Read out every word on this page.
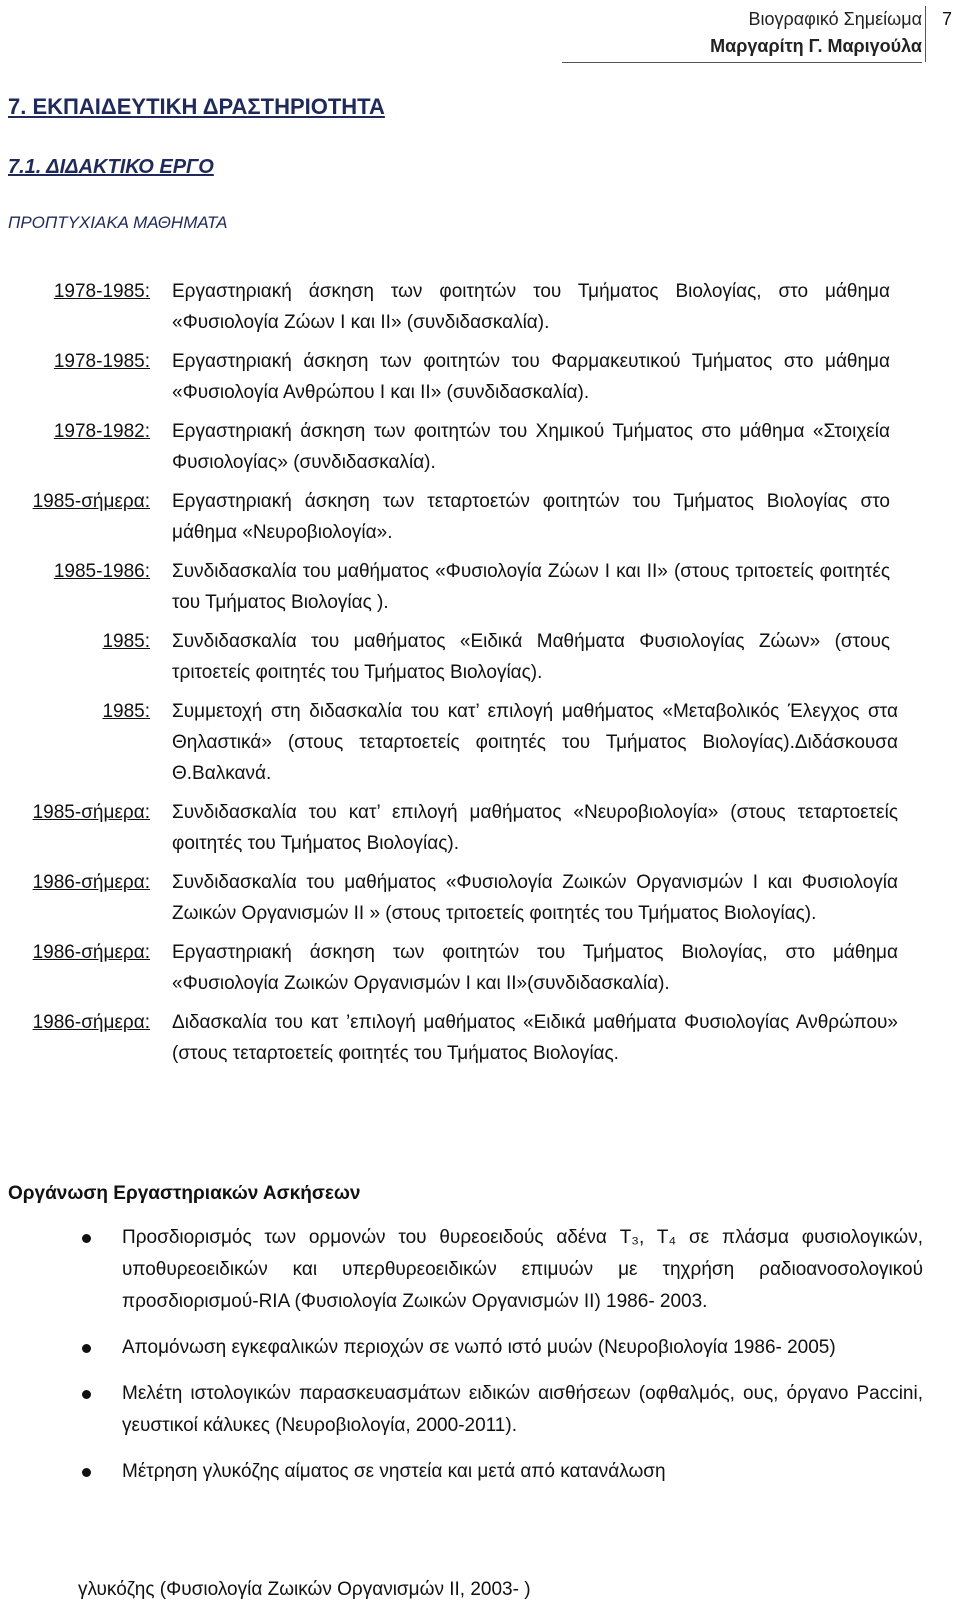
Βιογραφικό Σημείωμα
Μαργαρίτη Γ. Μαριγούλα
7
7. ΕΚΠΑΙΔΕΥΤΙΚΗ ΔΡΑΣΤΗΡΙΟΤΗΤΑ
7.1. ΔΙΔΑΚΤΙΚΟ ΕΡΓΟ
ΠΡΟΠΤΥΧΙΑΚΑ ΜΑΘΗΜΑΤΑ
1978-1985:	Εργαστηριακή άσκηση των φοιτητών του Τμήματος Βιολογίας, στο μάθημα «Φυσιολογία Ζώων Ι και ΙΙ» (συνδιδασκαλία).
1978-1985:	Εργαστηριακή άσκηση των φοιτητών του Φαρμακευτικού Τμήματος στο μάθημα «Φυσιολογία Ανθρώπου Ι και ΙΙ» (συνδιδασκαλία).
1978-1982:	Εργαστηριακή άσκηση των φοιτητών του Χημικού Τμήματος στο μάθημα «Στοιχεία Φυσιολογίας» (συνδιδασκαλία).
1985-σήμερα:	Εργαστηριακή άσκηση των τεταρτοετών φοιτητών του Τμήματος Βιολογίας στο μάθημα «Νευροβιολογία».
1985-1986:	Συνδιδασκαλία του μαθήματος «Φυσιολογία Ζώων Ι και ΙΙ» (στους τριτοετείς φοιτητές του Τμήματος Βιολογίας ).
1985:	Συνδιδασκαλία του μαθήματος «Ειδικά Μαθήματα Φυσιολογίας Ζώων» (στους τριτοετείς φοιτητές του Τμήματος Βιολογίας).
1985:	Συμμετοχή στη διδασκαλία του κατ’ επιλογή μαθήματος «Μεταβολικός Έλεγχος στα Θηλαστικά» (στους τεταρτοετείς φοιτητές του Τμήματος Βιολογίας).Διδάσκουσα Θ.Βαλκανά.
1985-σήμερα:	Συνδιδασκαλία του κατ’ επιλογή μαθήματος «Νευροβιολογία» (στους τεταρτοετείς φοιτητές του Τμήματος Βιολογίας).
1986-σήμερα:	Συνδιδασκαλία του μαθήματος «Φυσιολογία Ζωικών Οργανισμών Ι και Φυσιολογία Ζωικών Οργανισμών ΙΙ » (στους τριτοετείς φοιτητές του Τμήματος Βιολογίας).
1986-σήμερα:	Εργαστηριακή άσκηση των φοιτητών του Τμήματος Βιολογίας, στο μάθημα «Φυσιολογία Ζωικών Οργανισμών Ι και ΙΙ»(συνδιδασκαλία).
1986-σήμερα:	Διδασκαλία του κατ ’επιλογή μαθήματος «Ειδικά μαθήματα Φυσιολογίας Ανθρώπου» (στους τεταρτοετείς φοιτητές του Τμήματος Βιολογίας.
Οργάνωση Εργαστηριακών Ασκήσεων
Προσδιορισμός των ορμονών του θυρεοειδούς αδένα T₃, T₄ σε πλάσμα φυσιολογικών, υποθυρεοειδικών και υπερθυρεοειδικών επιμυών με τηχρήση ραδιοανοσολογικού προσδιορισμού-RIA (Φυσιολογία Ζωικών Οργανισμών ΙΙ) 1986- 2003.
Απομόνωση εγκεφαλικών περιοχών σε νωπό ιστό μυών (Νευροβιολογία 1986- 2005)
Μελέτη ιστολογικών παρασκευασμάτων ειδικών αισθήσεων (οφθαλμός, ους, όργανο Paccini, γευστικοί κάλυκες (Νευροβιολογία, 2000-2011).
Μέτρηση γλυκόζης αίματος σε νηστεία και μετά από κατανάλωση
γλυκόζης (Φυσιολογία Ζωικών Οργανισμών ΙΙ, 2003- )
